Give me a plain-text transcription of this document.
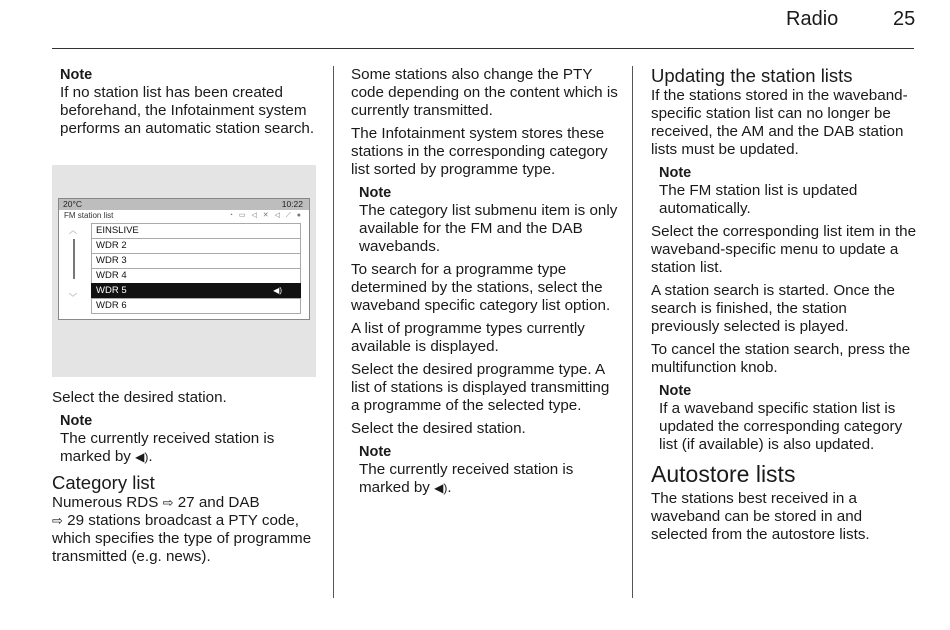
Radio	25
Note
If no station list has been created beforehand, the Infotainment system performs an automatic station search.
20°C	10:22
FM station list	◔ ▭ ◁ ✕ ◁ ⟋ ●
︿
﹀
EINSLIVE
WDR 2
WDR 3
WDR 4
WDR 5	◀)
WDR 6

Select the desired station.

Note
The currently received station is marked by ◀).
Category list

Numerous RDS ⇨ 27 and DAB
⇨ 29 stations broadcast a PTY code, which specifies the type of programme transmitted (e.g. news).

Some stations also change the PTY code depending on the content which is currently transmitted.

The Infotainment system stores these stations in the corresponding category list sorted by programme type.

Note
The category list submenu item is only available for the FM and the DAB wavebands.

To search for a programme type determined by the stations, select the waveband specific category list option.

A list of programme types currently available is displayed.

Select the desired programme type. A list of stations is displayed transmitting a programme of the selected type.

Select the desired station.

Note
The currently received station is marked by ◀).
Updating the station lists

If the stations stored in the waveband-specific station list can no longer be received, the AM and the DAB station lists must be updated.

Note
The FM station list is updated automatically.

Select the corresponding list item in the waveband-specific menu to update a station list.

A station search is started. Once the search is finished, the station previously selected is played.

To cancel the station search, press the multifunction knob.

Note
If a waveband specific station list is updated the corresponding category list (if available) is also updated.
Autostore lists

The stations best received in a waveband can be stored in and selected from the autostore lists.
